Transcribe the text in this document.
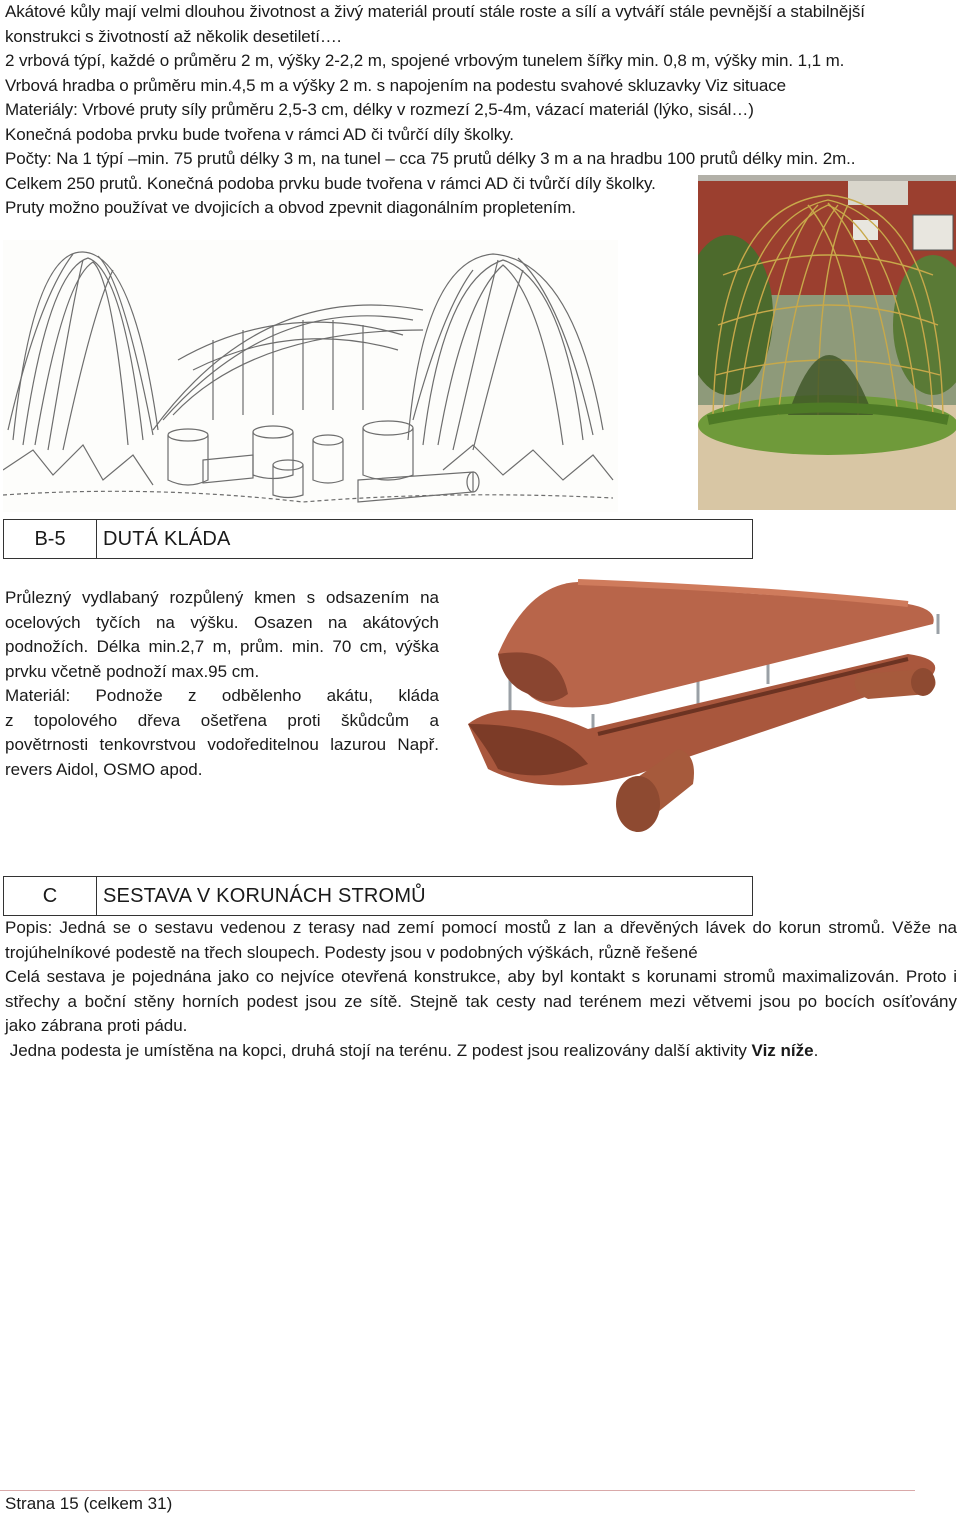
Akátové kůly mají velmi dlouhou životnost a živý materiál proutí stále roste a sílí a vytváří stále pevnější a stabilnější
konstrukci s životností až několik desetiletí….
2 vrbová týpí, každé o průměru 2 m, výšky 2-2,2 m, spojené vrbovým tunelem šířky min. 0,8 m, výšky min. 1,1 m.
Vrbová hradba o průměru min.4,5 m a výšky 2 m. s napojením na podestu svahové skluzavky Viz situace
Materiály: Vrbové pruty síly průměru 2,5-3 cm, délky v rozmezí 2,5-4m, vázací materiál (lýko, sisál…)
Konečná podoba prvku bude tvořena v rámci AD či tvůrčí díly školky.
Počty: Na 1 týpí –min. 75 prutů délky 3 m, na tunel – cca 75 prutů délky 3 m a na hradbu 100 prutů délky min. 2m..
Celkem 250 prutů. Konečná podoba prvku bude tvořena v rámci AD či tvůrčí díly školky.
Pruty možno používat ve dvojicích a obvod zpevnit diagonálním propletením.
B-5	DUTÁ KLÁDA
Průlezný vydlabaný rozpůlený kmen s odsazením na
ocelových tyčích na výšku. Osazen na akátových
podnožích. Délka min.2,7 m, prům. min. 70 cm, výška
prvku včetně podnoží max.95 cm.
Materiál: Podnože z odbělenho akátu, kláda
z topolového dřeva ošetřena proti škůdcům a
povětrnosti tenkovrstvou vodoředitelnou lazurou Např.
revers Aidol, OSMO apod.
C	SESTAVA V KORUNÁCH STROMŮ
Popis: Jedná se o sestavu vedenou z terasy nad zemí pomocí mostů z lan a dřevěných lávek do korun stromů. Věže na
trojúhelníkové podestě na třech sloupech. Podesty jsou v podobných výškách, různě řešené
Celá sestava je pojednána jako co nejvíce otevřená konstrukce, aby byl kontakt s korunami stromů maximalizován. Proto i
střechy a boční stěny horních podest jsou ze sítě. Stejně tak cesty nad terénem mezi větvemi jsou po bocích osíťovány
jako zábrana proti pádu.
Jedna podesta je umístěna na kopci, druhá stojí na terénu. Z podest jsou realizovány další aktivity Viz níže.
Strana 15 (celkem 31)
